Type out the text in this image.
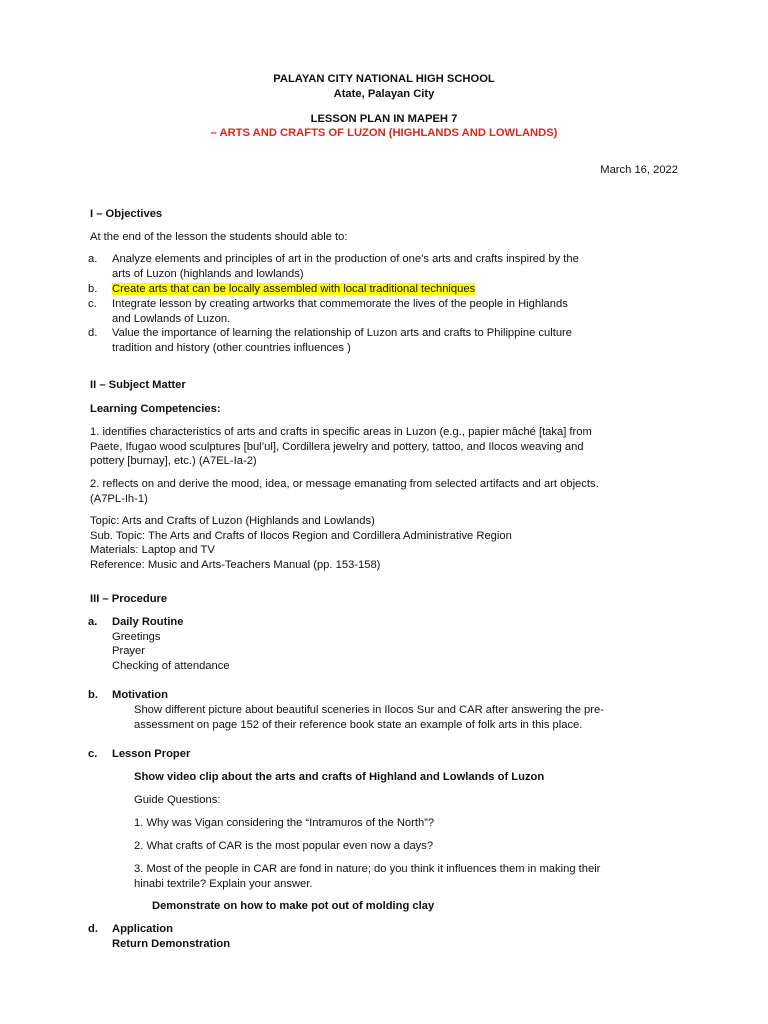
PALAYAN CITY NATIONAL HIGH SCHOOL
Atate, Palayan City
LESSON PLAN IN MAPEH 7
– ARTS AND CRAFTS OF LUZON (HIGHLANDS AND LOWLANDS)
March 16, 2022
I – Objectives
At the end of the lesson the students should able to:
a. Analyze elements and principles of art in the production of one’s arts and crafts inspired by the
arts of Luzon (highlands and lowlands)
b. Create arts that can be locally assembled with local traditional techniques
c. Integrate lesson by creating artworks that commemorate the lives of the people in Highlands
and Lowlands of Luzon.
d. Value the importance of learning the relationship of Luzon arts and crafts to Philippine culture
tradition and history (other countries influences )
II – Subject Matter
Learning Competencies:
1. identifies characteristics of arts and crafts in specific areas in Luzon (e.g., papier mâché [taka] from
Paete, Ifugao wood sculptures [bul’ul], Cordillera jewelry and pottery, tattoo, and Ilocos weaving and
pottery [burnay], etc.) (A7EL-Ia-2)
2. reflects on and derive the mood, idea, or message emanating from selected artifacts and art objects.
(A7PL-Ih-1)
Topic: Arts and Crafts of Luzon (Highlands and Lowlands)
Sub. Topic: The Arts and Crafts of Ilocos Region and Cordillera Administrative Region
Materials: Laptop and TV
Reference: Music and Arts-Teachers Manual (pp. 153-158)
III – Procedure
a. Daily Routine
Greetings
Prayer
Checking of attendance
b. Motivation
Show different picture about beautiful sceneries in Ilocos Sur and CAR after answering the pre-
assessment on page 152 of their reference book state an example of folk arts in this place.
c. Lesson Proper
Show video clip about the arts and crafts of Highland and Lowlands of Luzon
Guide Questions:
1. Why was Vigan considering the “Intramuros of the North”?
2. What crafts of CAR is the most popular even now a days?
3. Most of the people in CAR are fond in nature; do you think it influences them in making their
hinabi textrile? Explain your answer.
Demonstrate on how to make pot out of molding clay
d. Application
Return Demonstration
